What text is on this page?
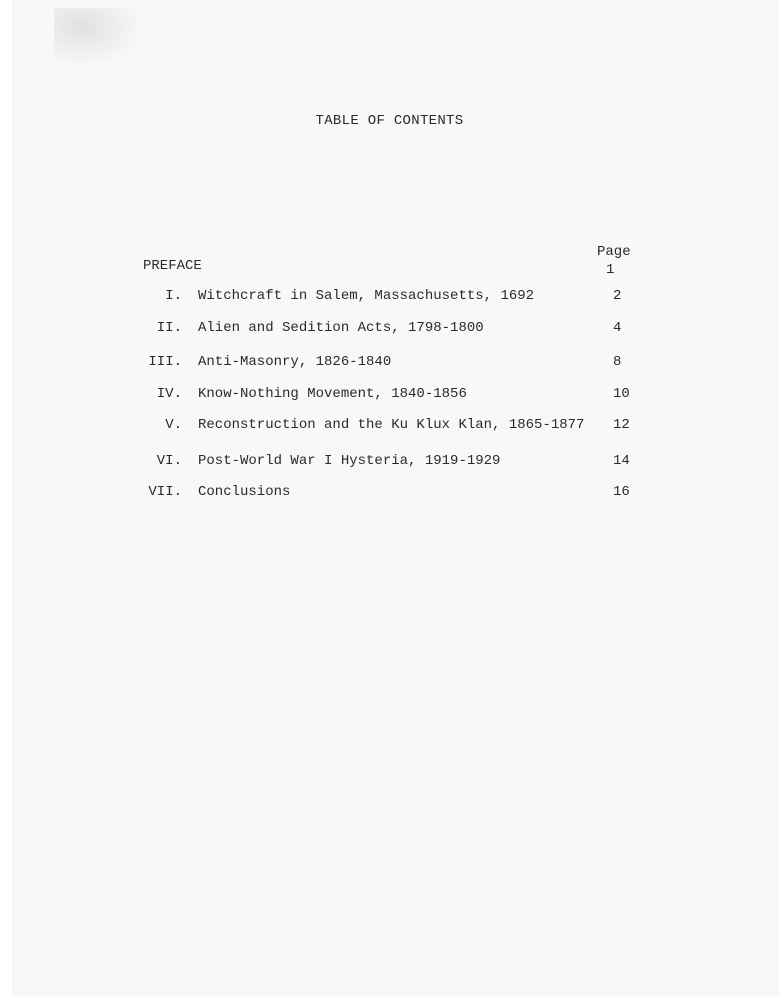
TABLE OF CONTENTS
Page
PREFACE	1
I. Witchcraft in Salem, Massachusetts, 1692	2
II. Alien and Sedition Acts, 1798-1800	4
III. Anti-Masonry, 1826-1840	8
IV. Know-Nothing Movement, 1840-1856	10
V. Reconstruction and the Ku Klux Klan, 1865-1877 12
VI. Post-World War I Hysteria, 1919-1929	14
VII. Conclusions	16
